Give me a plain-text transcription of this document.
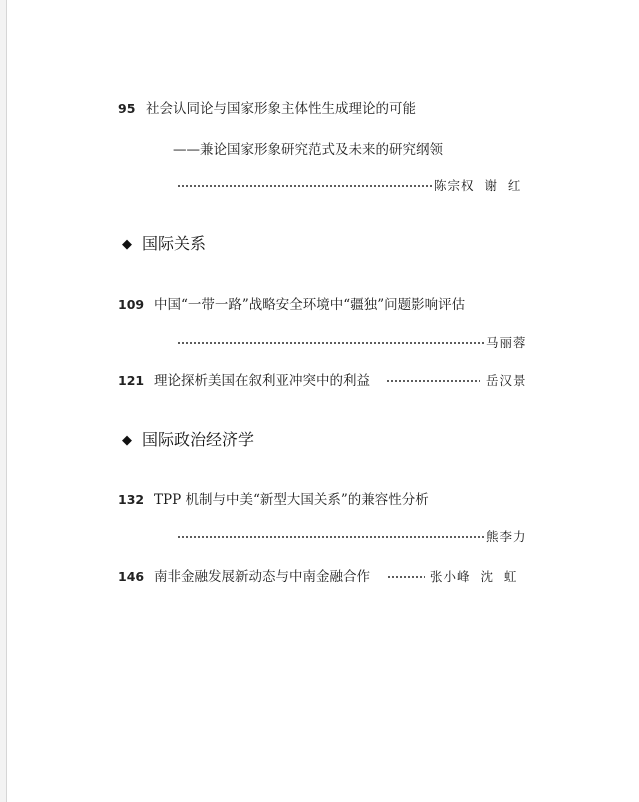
95 社会认同论与国家形象主体性生成理论的可能
——兼论国家形象研究范式及未来的研究纲领
陈宗权  谢  红
◆ 国际关系
109 中国“一带一路”战略安全环境中“疆独”问题影响评估
马丽蓉
121 理论探析美国在叙利亚冲突中的利益	岳汉景
◆ 国际政治经济学
132 TPP 机制与中美“新型大国关系”的兼容性分析
熊李力
146 南非金融发展新动态与中南金融合作	张小峰  沈  虹
